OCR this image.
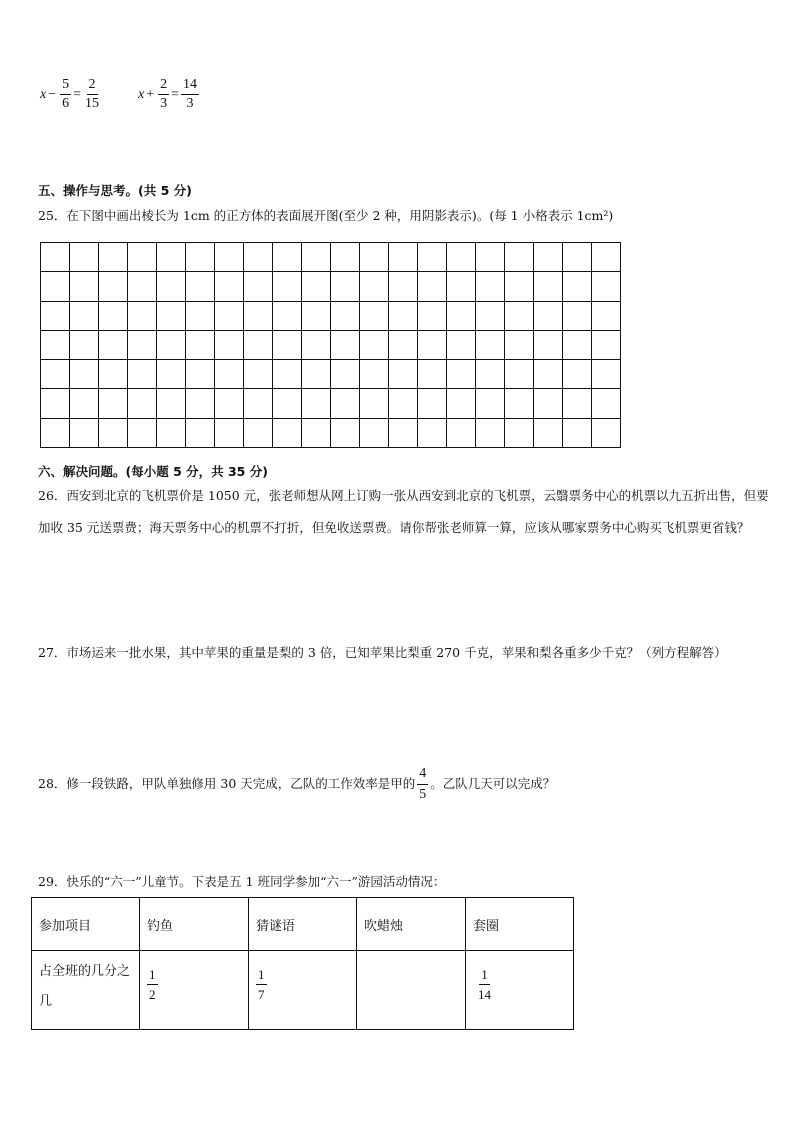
$x - \frac{5}{6} = \frac{2}{15}$	$x + \frac{2}{3} = \frac{14}{3}$
五、操作与思考。(共 5 分)
25．在下图中画出棱长为 1cm 的正方体的表面展开图(至少 2 种，用阴影表示)。(每 1 小格表示 1cm²)

六、解决问题。(每小题 5 分，共 35 分)
26．西安到北京的飞机票价是 1050 元，张老师想从网上订购一张从西安到北京的飞机票，云翳票务中心的机票以九五折出售，但要加收 35 元送票费；海天票务中心的机票不打折，但免收送票费。请你帮张老师算一算，应该从哪家票务中心购买飞机票更省钱？
27．市场运来一批水果，其中苹果的重量是梨的 3 倍，已知苹果比梨重 270 千克，苹果和梨各重多少千克？（列方程解答）
28．修一段铁路，甲队单独修用 30 天完成，乙队的工作效率是甲的 $\frac{4}{5}$ 。乙队几天可以完成？
29．快乐的“六一”儿童节。下表是五 1 班同学参加“六一”游园活动情况：
参加项目	钓鱼	猜谜语	吹蜡烛	套圈
占全班的几分之几	$\frac{1}{2}$	$\frac{1}{7}$		$\frac{1}{14}$
